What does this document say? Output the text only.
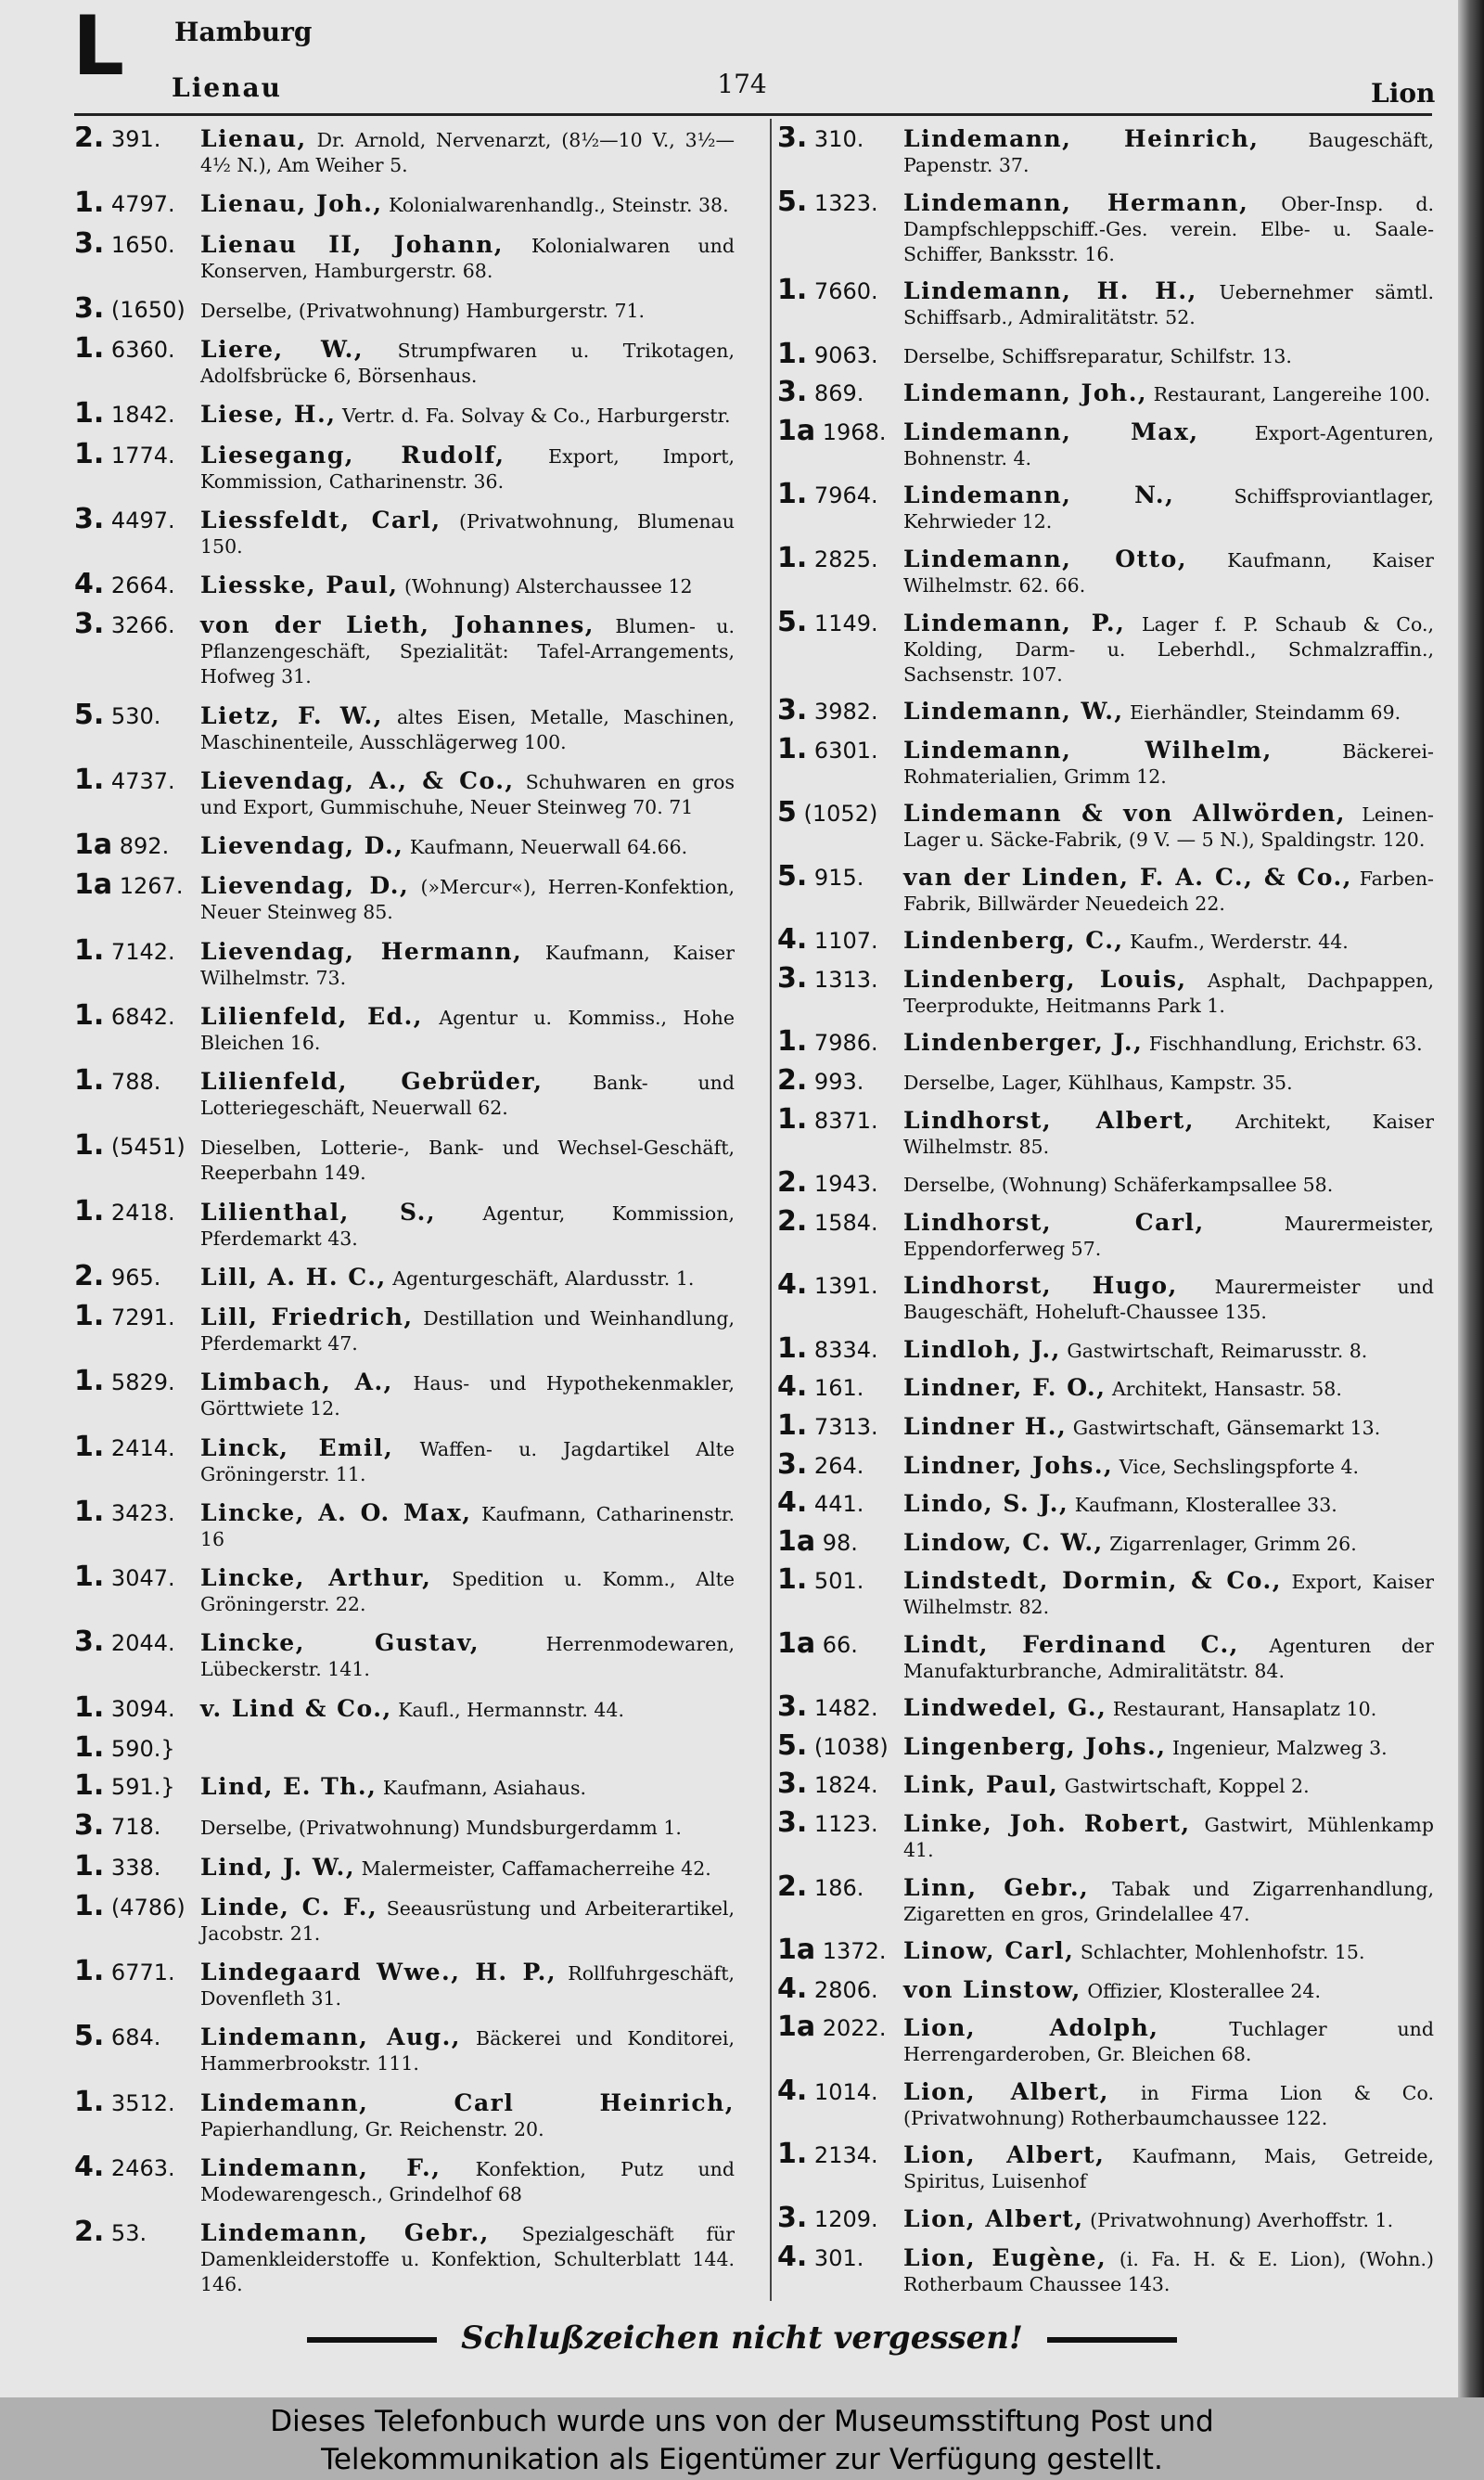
L Hamburg
Lienau	174	Lion
2. 391.	Lienau, Dr. Arnold, Nervenarzt, (8½—10 V., 3½—4½ N.), Am Weiher 5.
1. 4797.	Lienau, Joh., Kolonialwarenhandlg., Steinstr. 38.
3. 1650.	Lienau II, Johann, Kolonialwaren und Konserven, Hamburgerstr. 68.
3. (1650) Derselbe, (Privatwohnung) Hamburgerstr. 71.
1. 6360.	Liere, W., Strumpfwaren u. Trikotagen, Adolfsbrücke 6, Börsenhaus.
1. 1842.	Liese, H., Vertr. d. Fa. Solvay & Co., Harburgerstr.
1. 1774.	Liesegang, Rudolf, Export, Import, Kommission, Catharinenstr. 36.
3. 4497.	Liessfeldt, Carl, (Privatwohnung, Blumenau 150.
4. 2664.	Liesske, Paul, (Wohnung) Alsterchaussee 12
3. 3266.	von der Lieth, Johannes, Blumen- u. Pflanzengeschäft, Spezialität: Tafel-Arrangements, Hofweg 31.
5. 530.	Lietz, F. W., altes Eisen, Metalle, Maschinen, Maschinenteile, Ausschlägerweg 100.
1. 4737.	Lievendag, A., & Co., Schuhwaren en gros und Export, Gummischuhe, Neuer Steinweg 70. 71
1a 892.	Lievendag, D., Kaufmann, Neuerwall 64.66.
1a 1267. Lievendag, D., (»Mercur«), Herren-Konfektion, Neuer Steinweg 85.
1. 7142.	Lievendag, Hermann, Kaufmann, Kaiser Wilhelmstr. 73.
1. 6842.	Lilienfeld, Ed., Agentur u. Kommiss., Hohe Bleichen 16.
1. 788.	Lilienfeld, Gebrüder,	Bank- und Lotteriegeschäft, Neuerwall 62.
1. (5451) Dieselben, Lotterie-, Bank- und Wechsel-Geschäft, Reeperbahn 149.
1. 2418.	Lilienthal, S., Agentur, Kommission, Pferdemarkt 43.
2. 965.	Lill, A. H. C., Agenturgeschäft, Alardusstr. 1.
1. 7291.	Lill, Friedrich, Destillation und Weinhandlung, Pferdemarkt 47.
1. 5829.	Limbach, A., Haus- und Hypothekenmakler, Görttwiete 12.
1. 2414.	Linck, Emil, Waffen- u. Jagdartikel Alte Gröningerstr. 11.
1. 3423.	Lincke, A. O. Max, Kaufmann, Catharinenstr. 16
1. 3047.	Lincke, Arthur, Spedition u. Komm., Alte Gröningerstr. 22.
3. 2044.	Lincke, Gustav,	Herrenmodewaren, Lübeckerstr. 141.
1. 3094.	v. Lind & Co., Kaufl., Hermannstr. 44.
1. 590.}
1. 591.}	Lind, E. Th., Kaufmann, Asiahaus.
3. 718.	Derselbe, (Privatwohnung) Mundsburgerdamm 1.
1. 338.	Lind, J. W., Malermeister, Caffamacherreihe 42.
1. (4786) Linde, C. F., Seeausrüstung und Arbeiterartikel, Jacobstr. 21.
1. 6771.	Lindegaard Wwe., H. P., Rollfuhrgeschäft, Dovenfleth 31.
5. 684.	Lindemann, Aug., Bäckerei und Konditorei, Hammerbrookstr. 111.
1. 3512.	Lindemann, Carl Heinrich, Papierhandlung, Gr. Reichenstr. 20.
4. 2463.	Lindemann, F., Konfektion, Putz und Modewarengesch., Grindelhof 68
2. 53.	Lindemann, Gebr., Spezialgeschäft für Damenkleiderstoffe u. Konfektion, Schulterblatt 144. 146.
3. 310.	Lindemann, Heinrich,	Baugeschäft, Papenstr. 37.
5. 1323.	Lindemann, Hermann, Ober-Insp. d. Dampfschleppschiff.-Ges. verein. Elbe- u. Saale-Schiffer, Banksstr. 16.
1. 7660.	Lindemann, H. H., Uebernehmer sämtl. Schiffsarb., Admiralitätstr. 52.
1. 9063.	Derselbe, Schiffsreparatur, Schilfstr. 13.
3. 869.	Lindemann, Joh., Restaurant, Langereihe 100.
1a 1968. Lindemann, Max,	Export-Agenturen, Bohnenstr. 4.
1. 7964.	Lindemann, N.,	Schiffsproviantlager, Kehrwieder 12.
1. 2825.	Lindemann, Otto, Kaufmann, Kaiser Wilhelmstr. 62. 66.
5. 1149.	Lindemann, P., Lager f. P. Schaub & Co., Kolding, Darm- u. Leberhdl., Schmalzraffin., Sachsenstr. 107.
3. 3982.	Lindemann, W., Eierhändler, Steindamm 69.
1. 6301.	Lindemann, Wilhelm,	Bäckerei-Rohmaterialien, Grimm 12.
5 (1052)	Lindemann & von Allwörden, Leinen-Lager u. Säcke-Fabrik, (9 V. — 5 N.), Spaldingstr. 120.
5. 915.	van der Linden, F. A. C., & Co., Farben-Fabrik, Billwärder Neuedeich 22.
4. 1107.	Lindenberg, C., Kaufm., Werderstr. 44.
3. 1313.	Lindenberg, Louis, Asphalt, Dachpappen, Teerprodukte, Heitmanns Park 1.
1. 7986.	Lindenberger, J., Fischhandlung, Erichstr. 63.
2. 993.	Derselbe, Lager, Kühlhaus, Kampstr. 35.
1. 8371.	Lindhorst, Albert, Architekt, Kaiser Wilhelmstr. 85.
2. 1943.	Derselbe, (Wohnung) Schäferkampsallee 58.
2. 1584.	Lindhorst, Carl,	Maurermeister, Eppendorferweg 57.
4. 1391.	Lindhorst, Hugo, Maurermeister und Baugeschäft, Hoheluft-Chaussee 135.
1. 8334.	Lindloh, J., Gastwirtschaft, Reimarusstr. 8.
4. 161.	Lindner, F. O., Architekt, Hansastr. 58.
1. 7313.	Lindner H., Gastwirtschaft, Gänsemarkt 13.
3. 264.	Lindner, Johs., Vice, Sechslingspforte 4.
4. 441.	Lindo, S. J., Kaufmann, Klosterallee 33.
1a 98.	Lindow, C. W., Zigarrenlager, Grimm 26.
1. 501.	Lindstedt, Dormin, & Co., Export, Kaiser Wilhelmstr. 82.
1a 66.	Lindt, Ferdinand C., Agenturen der Manufakturbranche, Admiralitätstr. 84.
3. 1482.	Lindwedel, G., Restaurant, Hansaplatz 10.
5. (1038) Lingenberg, Johs., Ingenieur, Malzweg 3.
3. 1824.	Link, Paul, Gastwirtschaft, Koppel 2.
3. 1123.	Linke, Joh. Robert, Gastwirt, Mühlenkamp 41.
2. 186.	Linn, Gebr., Tabak und Zigarrenhandlung, Zigaretten en gros, Grindelallee 47.
1a 1372. Linow, Carl, Schlachter, Mohlenhofstr. 15.
4. 2806.	von Linstow, Offizier, Klosterallee 24.
1a 2022. Lion, Adolph,	Tuchlager und Herrengarderoben, Gr. Bleichen 68.
4. 1014.	Lion, Albert, in Firma Lion & Co. (Privatwohnung) Rotherbaumchaussee 122.
1. 2134.	Lion, Albert, Kaufmann, Mais, Getreide, Spiritus, Luisenhof
3. 1209.	Lion, Albert, (Privatwohnung) Averhoffstr. 1.
4. 301.	Lion, Eugène, (i. Fa. H. & E. Lion), (Wohn.) Rotherbaum Chaussee 143.
Schlußzeichen nicht vergessen!
Dieses Telefonbuch wurde uns von der Museumsstiftung Post und
Telekommunikation als Eigentümer zur Verfügung gestellt.
